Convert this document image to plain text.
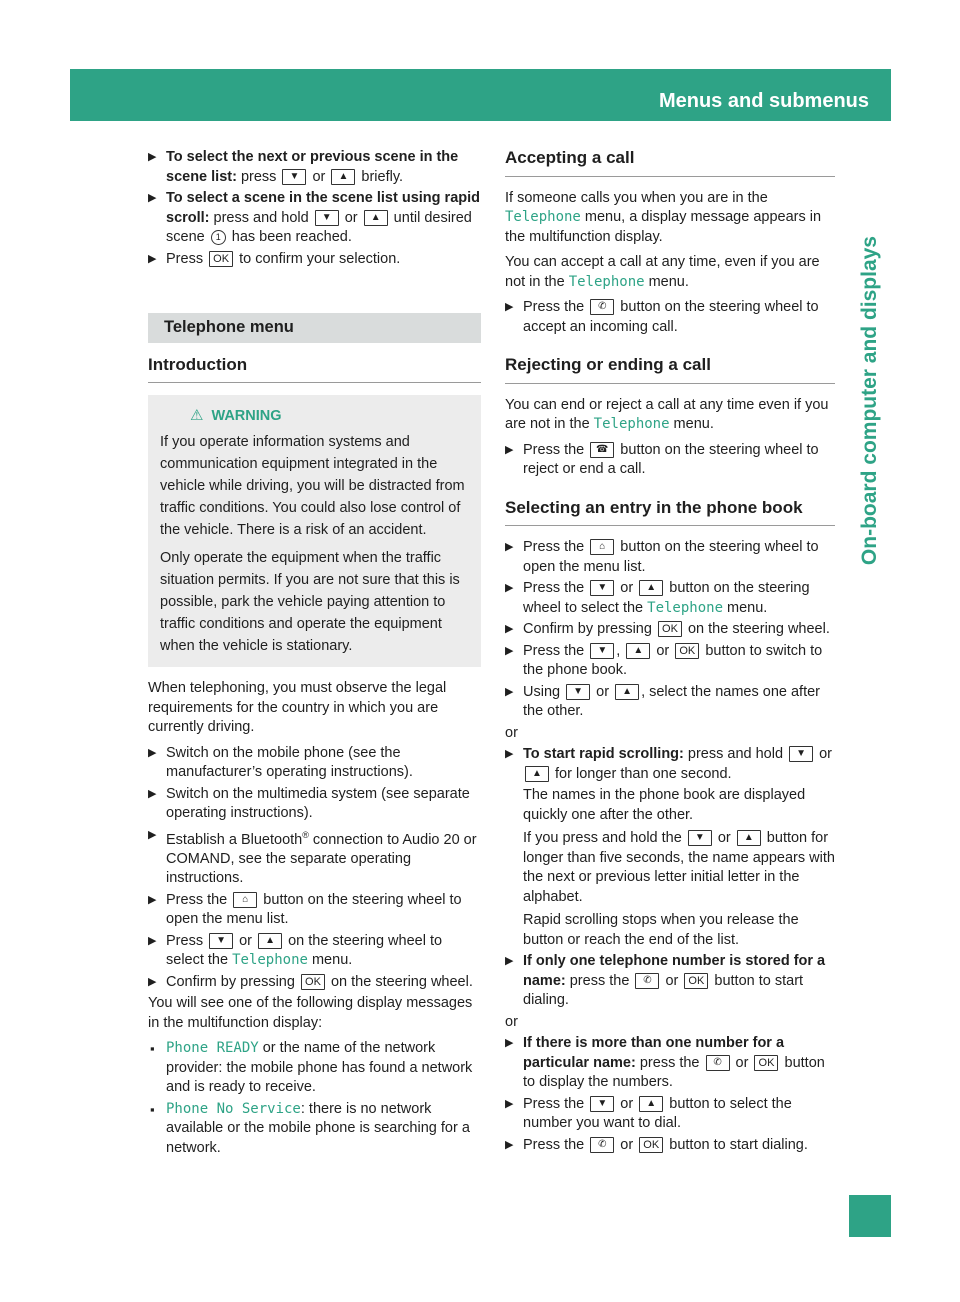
Menus and submenus	245
On-board computer and displays
▶ To select the next or previous scene in the scene list: press ▼ or ▲ briefly.
▶ To select a scene in the scene list using rapid scroll: press and hold ▼ or ▲ until desired scene 1 has been reached.
▶ Press OK to confirm your selection.
Telephone menu
Introduction
⚠ WARNING

If you operate information systems and communication equipment integrated in the vehicle while driving, you will be distracted from traffic conditions. You could also lose control of the vehicle. There is a risk of an accident.

Only operate the equipment when the traffic situation permits. If you are not sure that this is possible, park the vehicle paying attention to traffic conditions and operate the equipment when the vehicle is stationary.

When telephoning, you must observe the legal requirements for the country in which you are currently driving.

▶ Switch on the mobile phone (see the manufacturer’s operating instructions).
▶ Switch on the multimedia system (see separate operating instructions).
▶ Establish a Bluetooth® connection to Audio 20 or COMAND, see the separate operating instructions.
▶ Press the ⌂ button on the steering wheel to open the menu list.
▶ Press ▼ or ▲ on the steering wheel to select the Telephone menu.
▶ Confirm by pressing OK on the steering wheel.

You will see one of the following display messages in the multifunction display:

▪ Phone READY or the name of the network provider: the mobile phone has found a network and is ready to receive.
▪ Phone No Service: there is no network available or the mobile phone is searching for a network.
Accepting a call

If someone calls you when you are in the

Telephone menu, a display message appears in the multifunction display.

You can accept a call at any time, even if you are not in the Telephone menu.

▶ Press the ✆ button on the steering wheel to accept an incoming call.
Rejecting or ending a call

You can end or reject a call at any time even if you are not in the Telephone menu.

▶ Press the ☎ button on the steering wheel to reject or end a call.
Selecting an entry in the phone book
▶ Press the ⌂ button on the steering wheel to open the menu list.
▶ Press the ▼ or ▲ button on the steering wheel to select the Telephone menu.
▶ Confirm by pressing OK on the steering wheel.
▶ Press the ▼ , ▲ or OK button to switch to the phone book.
▶ Using ▼ or ▲ , select the names one after the other.
or
▶ To start rapid scrolling: press and hold ▼ or ▲ for longer than one second.
The names in the phone book are displayed quickly one after the other.
If you press and hold the ▼ or ▲ button for longer than five seconds, the name appears with the next or previous letter initial letter in the alphabet.
Rapid scrolling stops when you release the button or reach the end of the list.
▶ If only one telephone number is stored for a name: press the ✆ or OK button to start dialing.
or
▶ If there is more than one number for a particular name: press the ✆ or OK button to display the numbers.
▶ Press the ▼ or ▲ button to select the number you want to dial.
▶ Press the ✆ or OK button to start dialing.
